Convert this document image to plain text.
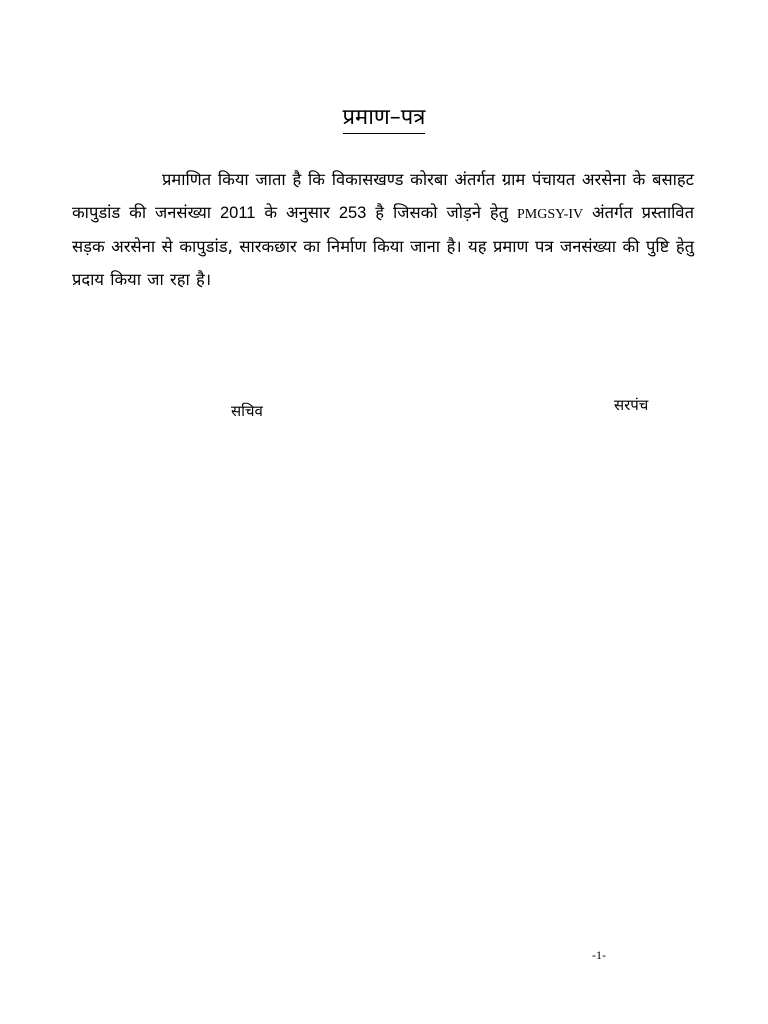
प्रमाण–पत्र

प्रमाणित किया जाता है कि विकासखण्ड कोरबा अंतर्गत ग्राम पंचायत अरसेना के बसाहट कापुडांड की जनसंख्या 2011 के अनुसार 253 है जिसको जोड़ने हेतु PMGSY-IV अंतर्गत प्रस्तावित सड़क अरसेना से कापुडांड, सारकछार का निर्माण किया जाना है। यह प्रमाण पत्र जनसंख्या की पुष्टि हेतु प्रदाय किया जा रहा है।

सचिव	सरपंच
-1-
